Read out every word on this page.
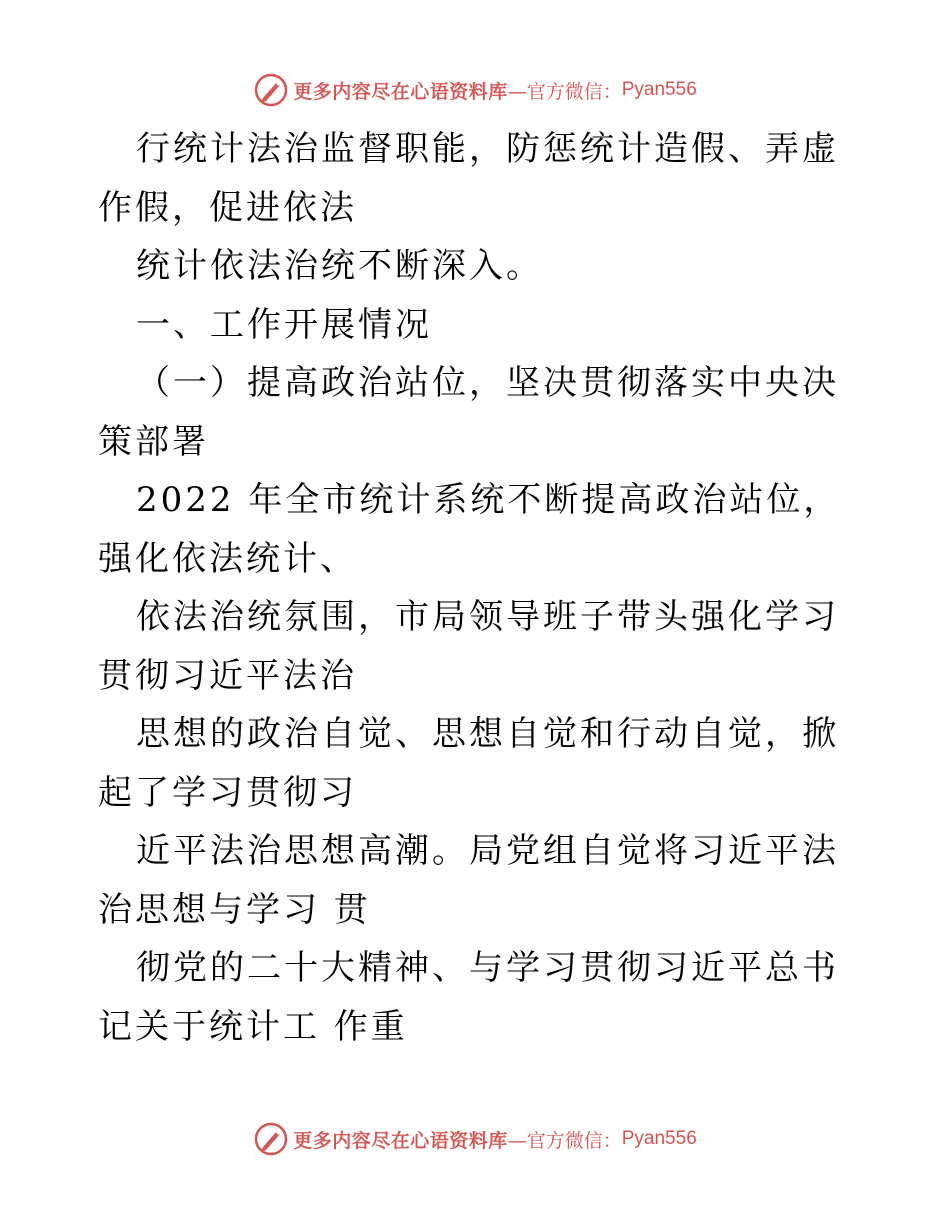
更多内容尽在心语资料库 —官方微信： Pyan556

行统计法治监督职能，防惩统计造假、弄虚作假，促进依法

统计依法治统不断深入。

一、工作开展情况

（一）提高政治站位，坚决贯彻落实中央决策部署

2022 年全市统计系统不断提高政治站位，强化依法统计、

依法治统氛围，市局领导班子带头强化学习贯彻习近平法治

思想的政治自觉、思想自觉和行动自觉，掀起了学习贯彻习

近平法治思想高潮。局党组自觉将习近平法治思想与学习 贯

彻党的二十大精神、与学习贯彻习近平总书记关于统计工 作重

更多内容尽在心语资料库 —官方微信： Pyan556
